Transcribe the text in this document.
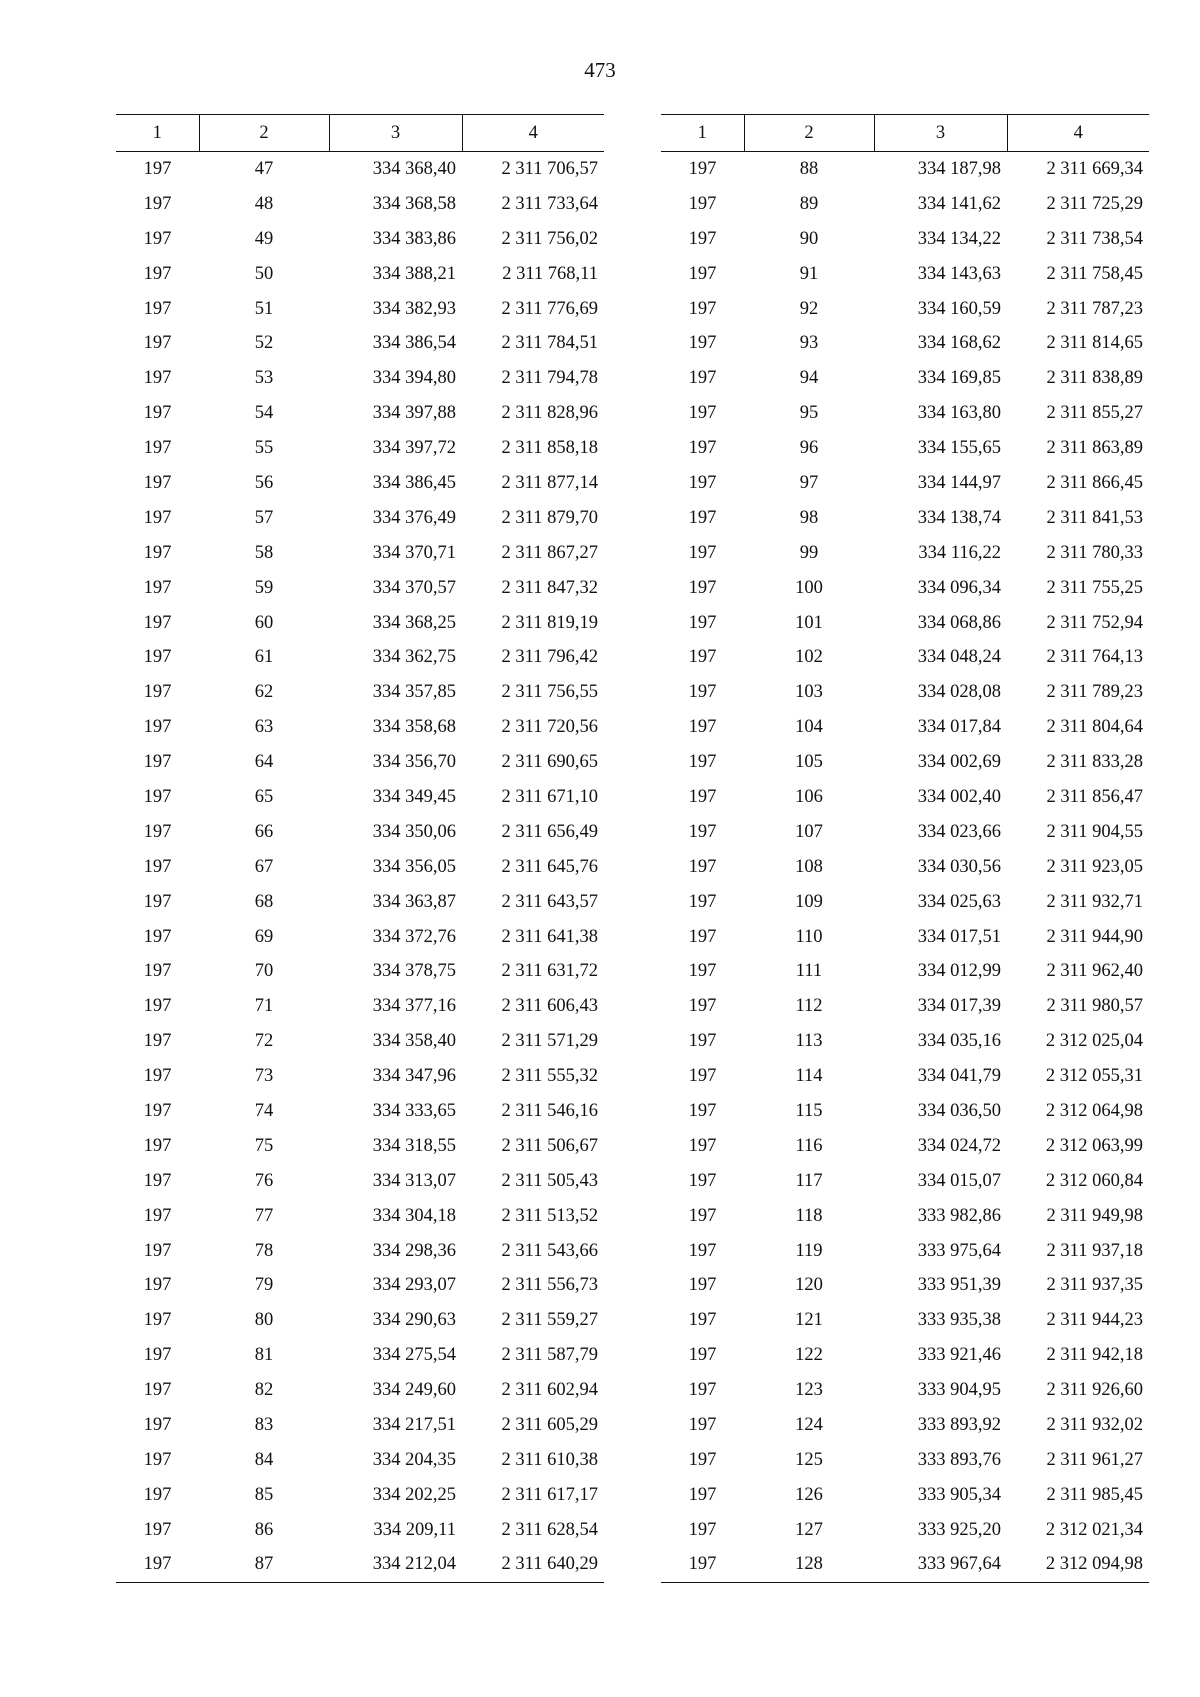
473
1	2	3	4
197	47	334 368,40	2 311 706,57
197	48	334 368,58	2 311 733,64
197	49	334 383,86	2 311 756,02
197	50	334 388,21	2 311 768,11
197	51	334 382,93	2 311 776,69
197	52	334 386,54	2 311 784,51
197	53	334 394,80	2 311 794,78
197	54	334 397,88	2 311 828,96
197	55	334 397,72	2 311 858,18
197	56	334 386,45	2 311 877,14
197	57	334 376,49	2 311 879,70
197	58	334 370,71	2 311 867,27
197	59	334 370,57	2 311 847,32
197	60	334 368,25	2 311 819,19
197	61	334 362,75	2 311 796,42
197	62	334 357,85	2 311 756,55
197	63	334 358,68	2 311 720,56
197	64	334 356,70	2 311 690,65
197	65	334 349,45	2 311 671,10
197	66	334 350,06	2 311 656,49
197	67	334 356,05	2 311 645,76
197	68	334 363,87	2 311 643,57
197	69	334 372,76	2 311 641,38
197	70	334 378,75	2 311 631,72
197	71	334 377,16	2 311 606,43
197	72	334 358,40	2 311 571,29
197	73	334 347,96	2 311 555,32
197	74	334 333,65	2 311 546,16
197	75	334 318,55	2 311 506,67
197	76	334 313,07	2 311 505,43
197	77	334 304,18	2 311 513,52
197	78	334 298,36	2 311 543,66
197	79	334 293,07	2 311 556,73
197	80	334 290,63	2 311 559,27
197	81	334 275,54	2 311 587,79
197	82	334 249,60	2 311 602,94
197	83	334 217,51	2 311 605,29
197	84	334 204,35	2 311 610,38
197	85	334 202,25	2 311 617,17
197	86	334 209,11	2 311 628,54
197	87	334 212,04	2 311 640,29
1	2	3	4
197	88	334 187,98	2 311 669,34
197	89	334 141,62	2 311 725,29
197	90	334 134,22	2 311 738,54
197	91	334 143,63	2 311 758,45
197	92	334 160,59	2 311 787,23
197	93	334 168,62	2 311 814,65
197	94	334 169,85	2 311 838,89
197	95	334 163,80	2 311 855,27
197	96	334 155,65	2 311 863,89
197	97	334 144,97	2 311 866,45
197	98	334 138,74	2 311 841,53
197	99	334 116,22	2 311 780,33
197	100	334 096,34	2 311 755,25
197	101	334 068,86	2 311 752,94
197	102	334 048,24	2 311 764,13
197	103	334 028,08	2 311 789,23
197	104	334 017,84	2 311 804,64
197	105	334 002,69	2 311 833,28
197	106	334 002,40	2 311 856,47
197	107	334 023,66	2 311 904,55
197	108	334 030,56	2 311 923,05
197	109	334 025,63	2 311 932,71
197	110	334 017,51	2 311 944,90
197	111	334 012,99	2 311 962,40
197	112	334 017,39	2 311 980,57
197	113	334 035,16	2 312 025,04
197	114	334 041,79	2 312 055,31
197	115	334 036,50	2 312 064,98
197	116	334 024,72	2 312 063,99
197	117	334 015,07	2 312 060,84
197	118	333 982,86	2 311 949,98
197	119	333 975,64	2 311 937,18
197	120	333 951,39	2 311 937,35
197	121	333 935,38	2 311 944,23
197	122	333 921,46	2 311 942,18
197	123	333 904,95	2 311 926,60
197	124	333 893,92	2 311 932,02
197	125	333 893,76	2 311 961,27
197	126	333 905,34	2 311 985,45
197	127	333 925,20	2 312 021,34
197	128	333 967,64	2 312 094,98
